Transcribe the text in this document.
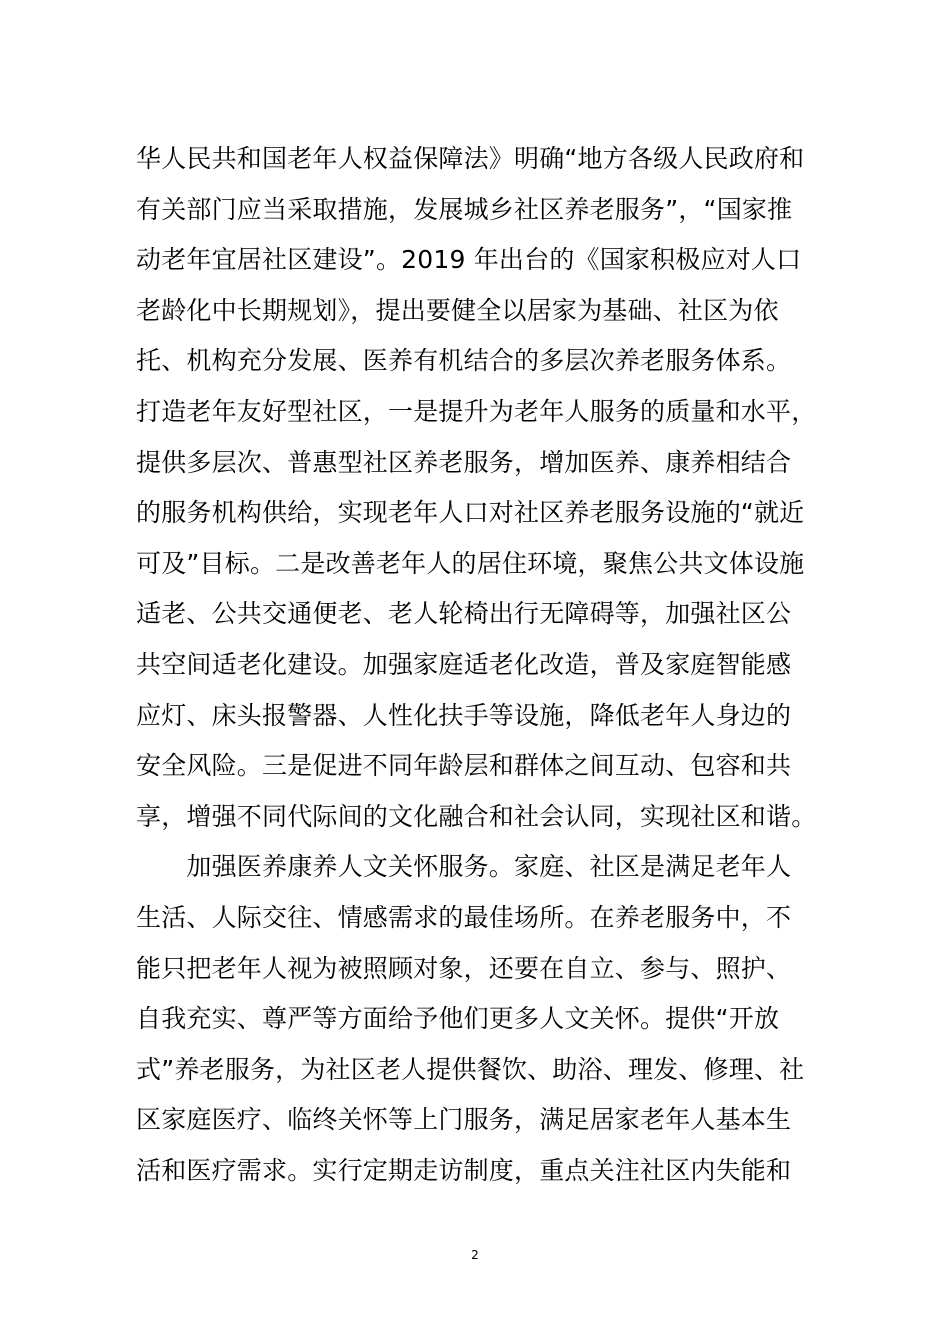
华人民共和国老年人权益保障法》明确“地方各级人民政府和
有关部门应当采取措施，发展城乡社区养老服务”，“国家推
动老年宜居社区建设”。2019 年出台的《国家积极应对人口
老龄化中长期规划》，提出要健全以居家为基础、社区为依
托、机构充分发展、医养有机结合的多层次养老服务体系。
打造老年友好型社区，一是提升为老年人服务的质量和水平，
提供多层次、普惠型社区养老服务，增加医养、康养相结合
的服务机构供给，实现老年人口对社区养老服务设施的“就近
可及”目标。二是改善老年人的居住环境，聚焦公共文体设施
适老、公共交通便老、老人轮椅出行无障碍等，加强社区公
共空间适老化建设。加强家庭适老化改造，普及家庭智能感
应灯、床头报警器、人性化扶手等设施，降低老年人身边的
安全风险。三是促进不同年龄层和群体之间互动、包容和共
享，增强不同代际间的文化融合和社会认同，实现社区和谐。
　　加强医养康养人文关怀服务。家庭、社区是满足老年人
生活、人际交往、情感需求的最佳场所。在养老服务中，不
能只把老年人视为被照顾对象，还要在自立、参与、照护、
自我充实、尊严等方面给予他们更多人文关怀。提供“开放
式”养老服务，为社区老人提供餐饮、助浴、理发、修理、社
区家庭医疗、临终关怀等上门服务，满足居家老年人基本生
活和医疗需求。实行定期走访制度，重点关注社区内失能和
2
